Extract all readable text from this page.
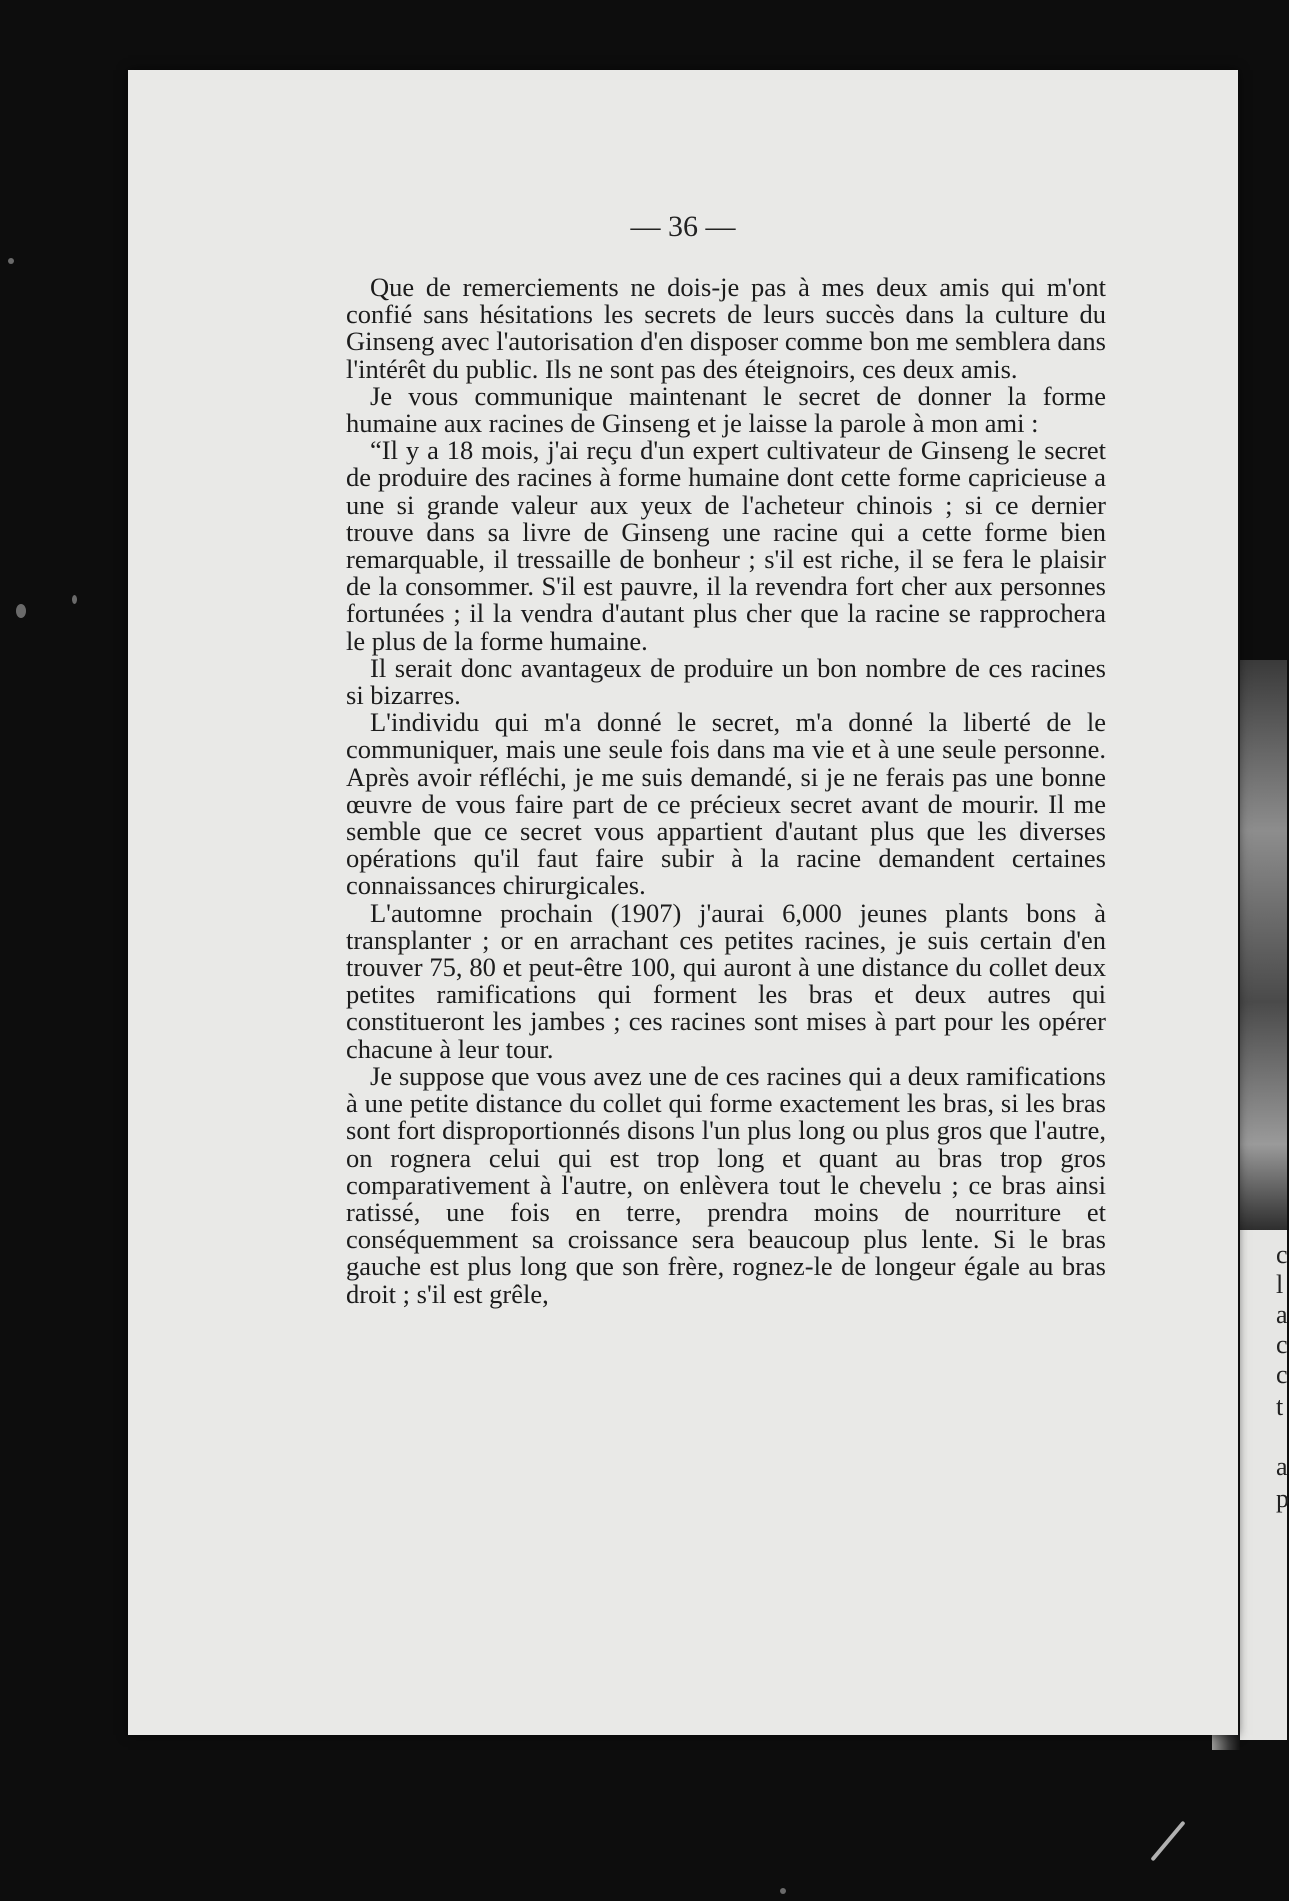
c
l
a
c
c
t
a
p
— 36 —

Que de remerciements ne dois-je pas à mes deux amis qui m'ont confié sans hésitations les secrets de leurs succès dans la culture du Ginseng avec l'autorisation d'en disposer comme bon me semblera dans l'intérêt du public. Ils ne sont pas des éteignoirs, ces deux amis.

Je vous communique maintenant le secret de donner la forme humaine aux racines de Ginseng et je laisse la parole à mon ami :

“Il y a 18 mois, j'ai reçu d'un expert cultivateur de Ginseng le secret de produire des racines à forme humaine dont cette forme capricieuse a une si grande valeur aux yeux de l'acheteur chinois ; si ce dernier trouve dans sa livre de Ginseng une racine qui a cette forme bien remarquable, il tressaille de bonheur ; s'il est riche, il se fera le plaisir de la consommer. S'il est pauvre, il la revendra fort cher aux personnes fortunées ; il la vendra d'autant plus cher que la racine se rapprochera le plus de la forme humaine.

Il serait donc avantageux de produire un bon nombre de ces racines si bizarres.

L'individu qui m'a donné le secret, m'a donné la liberté de le communiquer, mais une seule fois dans ma vie et à une seule personne. Après avoir réfléchi, je me suis demandé, si je ne ferais pas une bonne œuvre de vous faire part de ce précieux secret avant de mourir. Il me semble que ce secret vous appartient d'autant plus que les diverses opérations qu'il faut faire subir à la racine demandent certaines connaissances chirurgicales.

L'automne prochain (1907) j'aurai 6,000 jeunes plants bons à transplanter ; or en arrachant ces petites racines, je suis certain d'en trouver 75, 80 et peut-être 100, qui auront à une distance du collet deux petites ramifications qui forment les bras et deux autres qui constitueront les jambes ; ces racines sont mises à part pour les opérer chacune à leur tour.

Je suppose que vous avez une de ces racines qui a deux ramifications à une petite distance du collet qui forme exactement les bras, si les bras sont fort disproportionnés disons l'un plus long ou plus gros que l'autre, on rognera celui qui est trop long et quant au bras trop gros comparativement à l'autre, on enlèvera tout le chevelu ; ce bras ainsi ratissé, une fois en terre, prendra moins de nourriture et conséquemment sa croissance sera beaucoup plus lente. Si le bras gauche est plus long que son frère, rognez-le de longeur égale au bras droit ; s'il est grêle,
